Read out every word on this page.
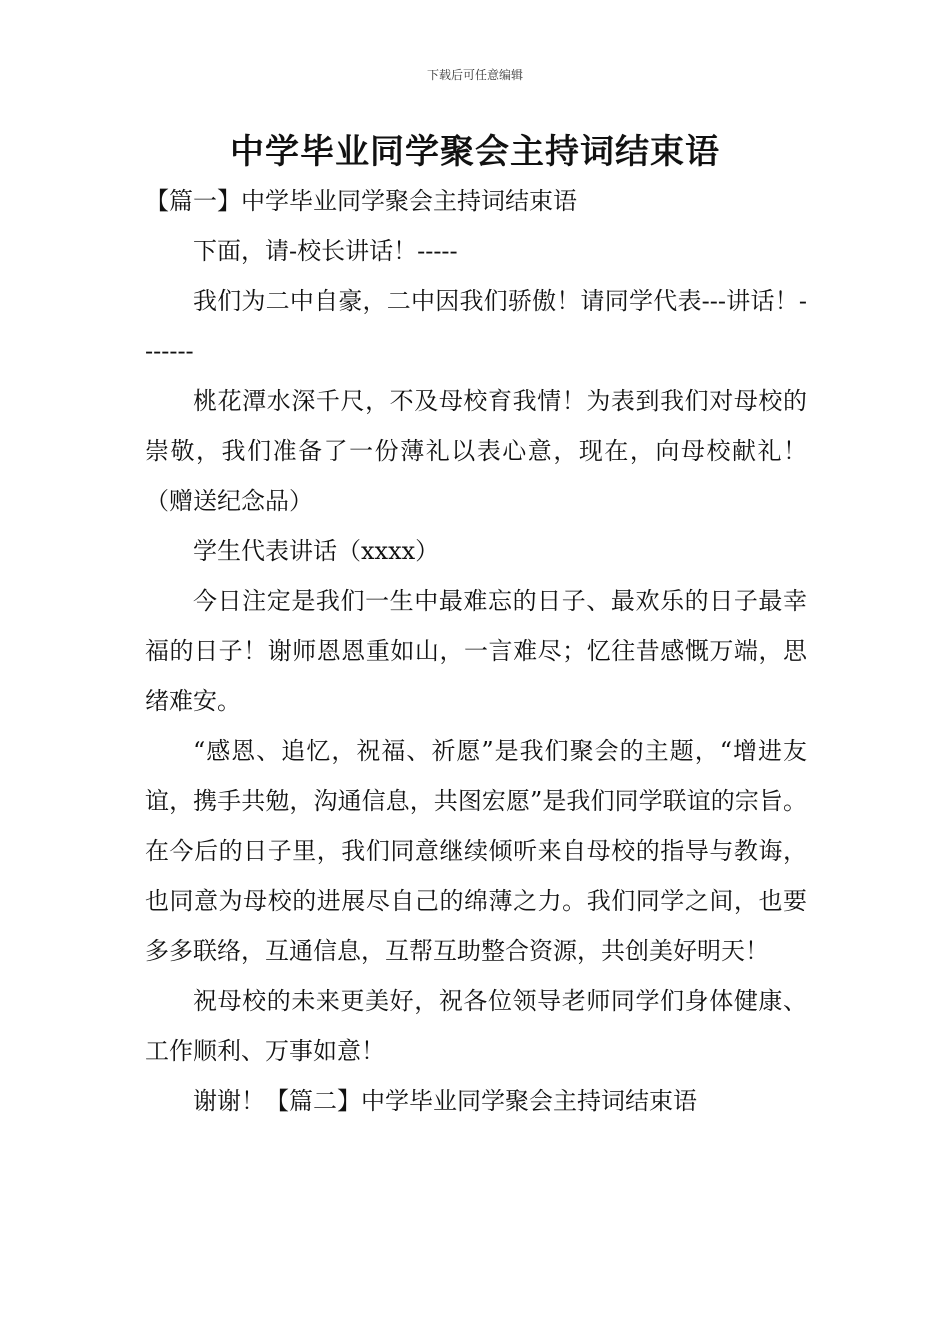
下载后可任意编辑
中学毕业同学聚会主持词结束语

【篇一】中学毕业同学聚会主持词结束语

下面，请-校长讲话！-----

我们为二中自豪，二中因我们骄傲！请同学代表---讲话！-------

桃花潭水深千尺，不及母校育我情！为表到我们对母校的崇敬，我们准备了一份薄礼以表心意，现在，向母校献礼！（赠送纪念品）

学生代表讲话（xxxx）

今日注定是我们一生中最难忘的日子、最欢乐的日子最幸福的日子！谢师恩恩重如山，一言难尽；忆往昔感慨万端，思绪难安。

“感恩、追忆，祝福、祈愿”是我们聚会的主题，“增进友谊，携手共勉，沟通信息，共图宏愿”是我们同学联谊的宗旨。在今后的日子里，我们同意继续倾听来自母校的指导与教诲，也同意为母校的进展尽自己的绵薄之力。我们同学之间，也要多多联络，互通信息，互帮互助整合资源，共创美好明天！

祝母校的未来更美好，祝各位领导老师同学们身体健康、工作顺利、万事如意！

谢谢！【篇二】中学毕业同学聚会主持词结束语
